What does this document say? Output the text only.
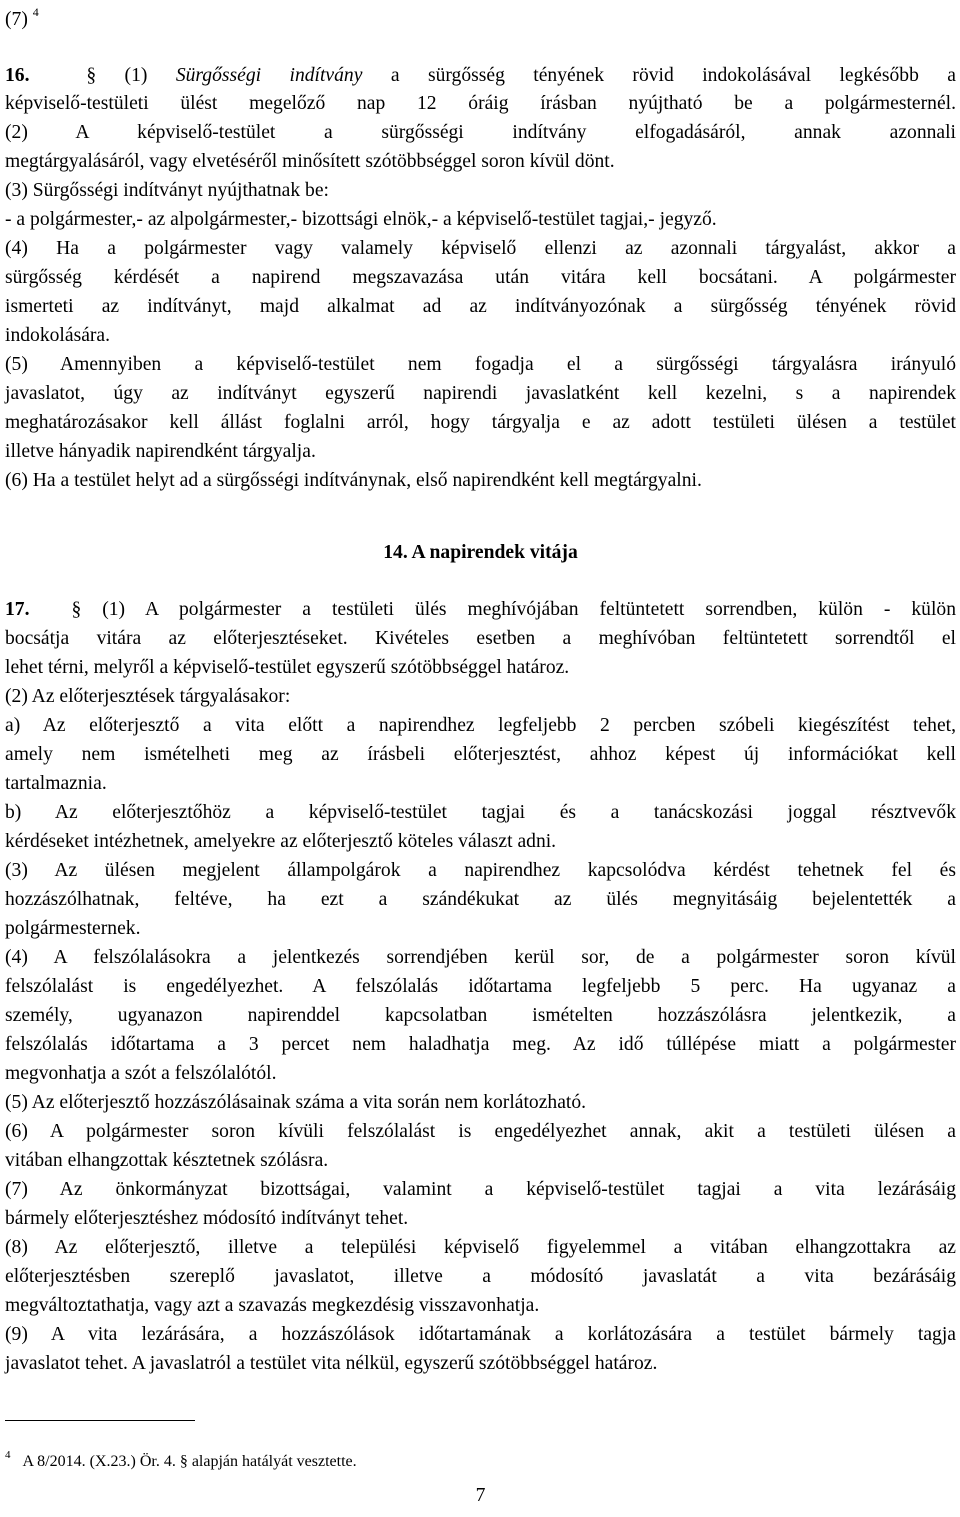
(7) $^4$
16.	§ (1) Sürgősségi indítvány a sürgősség tényének rövid indokolásával legkésőbb a
képviselő-testületi ülést megelőző nap 12 óráig írásban nyújtható be a polgármesternél.
(2) A képviselő-testület a sürgősségi indítvány elfogadásáról, annak azonnali
megtárgyalásáról, vagy elvetéséről minősített szótöbbséggel soron kívül dönt.
(3) Sürgősségi indítványt nyújthatnak be:
- a polgármester,- az alpolgármester,- bizottsági elnök,- a képviselő-testület tagjai,- jegyző.
(4) Ha a polgármester vagy valamely képviselő ellenzi az azonnali tárgyalást, akkor a
sürgősség kérdését a napirend megszavazása után vitára kell bocsátani. A polgármester
ismerteti az indítványt, majd alkalmat ad az indítványozónak a sürgősség tényének rövid
indokolására.
(5) Amennyiben a képviselő-testület nem fogadja el a sürgősségi tárgyalásra irányuló
javaslatot, úgy az indítványt egyszerű napirendi javaslatként kell kezelni, s a napirendek
meghatározásakor kell állást foglalni arról, hogy tárgyalja e az adott testületi ülésen a testület
illetve hányadik napirendként tárgyalja.
(6) Ha a testület helyt ad a sürgősségi indítványnak, első napirendként kell megtárgyalni.
14. A napirendek vitája
17. § (1) A polgármester a testületi ülés meghívójában feltüntetett sorrendben, külön - külön
bocsátja vitára az előterjesztéseket. Kivételes esetben a meghívóban feltüntetett sorrendtől el
lehet térni, melyről a képviselő-testület egyszerű szótöbbséggel határoz.
(2) Az előterjesztések tárgyalásakor:
a) Az előterjesztő a vita előtt a napirendhez legfeljebb 2 percben szóbeli kiegészítést tehet,
amely nem ismételheti meg az írásbeli előterjesztést, ahhoz képest új információkat kell
tartalmaznia.
b) Az előterjesztőhöz a képviselő-testület tagjai és a tanácskozási joggal résztvevők
kérdéseket intézhetnek, amelyekre az előterjesztő köteles választ adni.
(3) Az ülésen megjelent állampolgárok a napirendhez kapcsolódva kérdést tehetnek fel és
hozzászólhatnak, feltéve, ha ezt a szándékukat az ülés megnyitásáig bejelentették a
polgármesternek.
(4) A felszólalásokra a jelentkezés sorrendjében kerül sor, de a polgármester soron kívül
felszólalást is engedélyezhet. A felszólalás időtartama legfeljebb 5 perc. Ha ugyanaz a
személy, ugyanazon napirenddel kapcsolatban ismételten hozzászólásra jelentkezik, a
felszólalás időtartama a 3 percet nem haladhatja meg. Az idő túllépése miatt a polgármester
megvonhatja a szót a felszólalótól.
(5) Az előterjesztő hozzászólásainak száma a vita során nem korlátozható.
(6) A polgármester soron kívüli felszólalást is engedélyezhet annak, akit a testületi ülésen a
vitában elhangzottak késztetnek szólásra.
(7) Az önkormányzat bizottságai, valamint a képviselő-testület tagjai a vita lezárásáig
bármely előterjesztéshez módosító indítványt tehet.
(8) Az előterjesztő, illetve a települési képviselő figyelemmel a vitában elhangzottakra az
előterjesztésben szereplő javaslatot, illetve a módosító javaslatát a vita bezárásáig
megváltoztathatja, vagy azt a szavazás megkezdésig visszavonhatja.
(9) A vita lezárására, a hozzászólások időtartamának a korlátozására a testület bármely tagja
javaslatot tehet. A javaslatról a testület vita nélkül, egyszerű szótöbbséggel határoz.
$^4$ A 8/2014. (X.23.) Ör. 4. § alapján hatályát vesztette.
7
